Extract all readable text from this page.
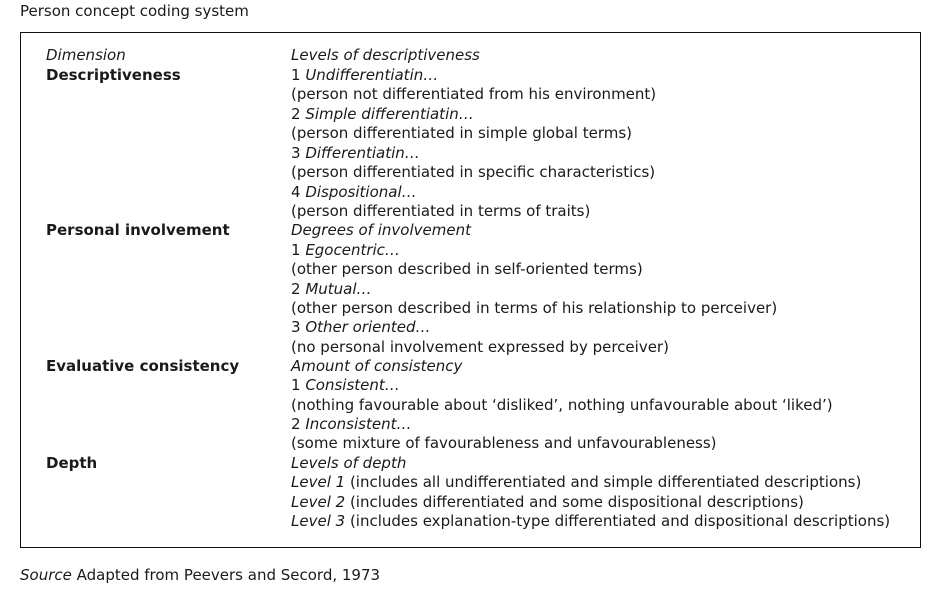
Person concept coding system
Dimension	Levels of descriptiveness
Descriptiveness	1 Undifferentiatin…
(person not differentiated from his environment)
2 Simple differentiatin…
(person differentiated in simple global terms)
3 Differentiatin…
(person differentiated in specific characteristics)
4 Dispositional…
(person differentiated in terms of traits)
Personal involvement	Degrees of involvement
1 Egocentric…
(other person described in self-oriented terms)
2 Mutual…
(other person described in terms of his relationship to perceiver)
3 Other oriented…
(no personal involvement expressed by perceiver)
Evaluative consistency	Amount of consistency
1 Consistent…
(nothing favourable about ‘disliked’, nothing unfavourable about ‘liked’)
2 Inconsistent…
(some mixture of favourableness and unfavourableness)
Depth	Levels of depth
Level 1 (includes all undifferentiated and simple differentiated descriptions)
Level 2 (includes differentiated and some dispositional descriptions)
Level 3 (includes explanation-type differentiated and dispositional descriptions)
Source Adapted from Peevers and Secord, 1973
